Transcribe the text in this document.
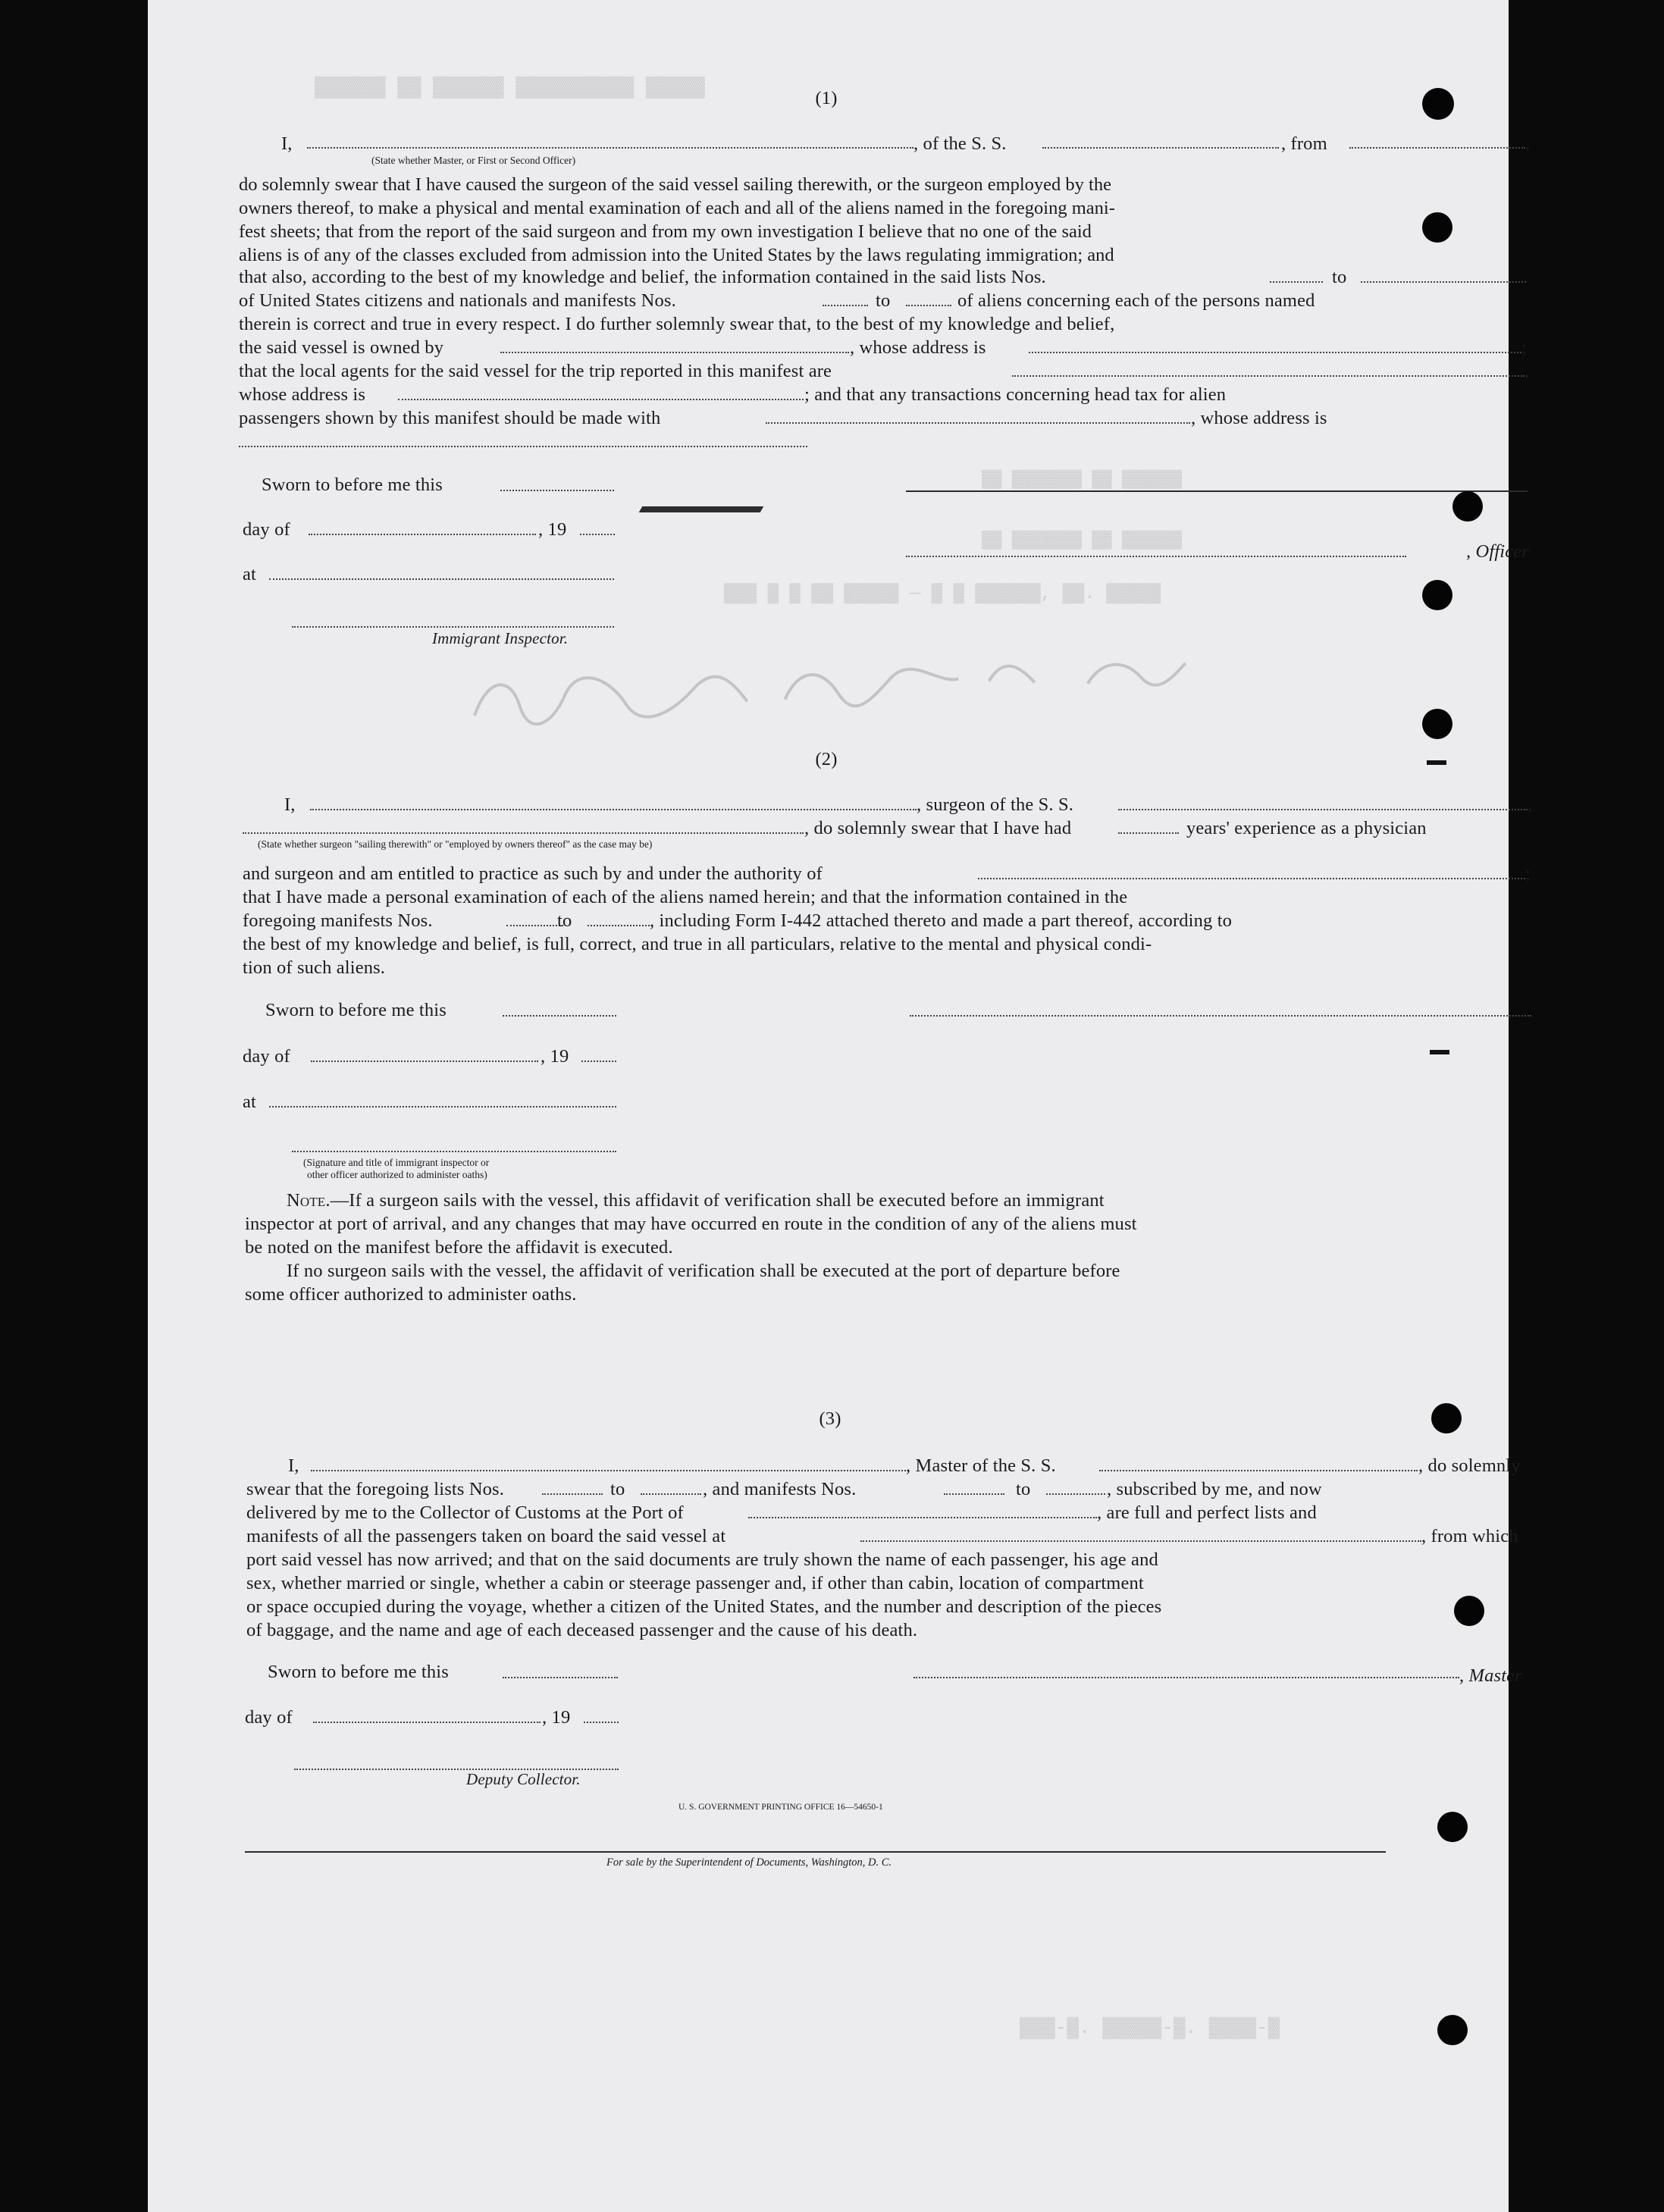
▓▓▓▓▓▓ ▓▓ ▓▓▓▓▓▓ ▓▓▓▓▓▓▓▓▓▓ ▓▓▓▓▓
▓▓▓ ▓ ▓ ▓▓ ▓▓▓▓▓ — ▓ ▓ ▓▓▓▓▓▓, ▓▓. ▓▓▓▓▓
▓▓ ▓▓▓▓▓▓▓ ▓▓ ▓▓▓▓▓▓
▓▓ ▓▓▓▓▓▓▓ ▓▓ ▓▓▓▓▓▓
▓▓▓-▓. ▓▓▓▓▓-▓. ▓▓▓▓-▓
(1)
I,	, of the S. S.	, from	,
(State whether Master, or First or Second Officer)
do solemnly swear that I have caused the surgeon of the said vessel sailing therewith, or the surgeon employed by the
owners thereof, to make a physical and mental examination of each and all of the aliens named in the foregoing mani-
fest sheets; that from the report of the said surgeon and from my own investigation I believe that no one of the said
aliens is of any of the classes excluded from admission into the United States by the laws regulating immigration; and
that also, according to the best of my knowledge and belief, the information contained in the said lists Nos.	to
of United States citizens and nationals and manifests Nos.	to	of aliens concerning each of the persons named
therein is correct and true in every respect. I do further solemnly swear that, to the best of my knowledge and belief,
the said vessel is owned by	, whose address is	;
that the local agents for the said vessel for the trip reported in this manifest are	,
whose address is	; and that any transactions concerning head tax for alien
passengers shown by this manifest should be made with	, whose address is
Sworn to before me this
day of	, 19
, Officer
at
Immigrant Inspector.
(2)
I,	, surgeon of the S. S.	,
, do solemnly swear that I have had	years' experience as a physician
(State whether surgeon "sailing therewith" or "employed by owners thereof" as the case may be)
and surgeon and am entitled to practice as such by and under the authority of	;
that I have made a personal examination of each of the aliens named herein; and that the information contained in the
foregoing manifests Nos.	to	, including Form I-442 attached thereto and made a part thereof, according to
the best of my knowledge and belief, is full, correct, and true in all particulars, relative to the mental and physical condi-
tion of such aliens.
Sworn to before me this
day of	, 19
at
(Signature and title of immigrant inspector or
other officer authorized to administer oaths)
Note.—If a surgeon sails with the vessel, this affidavit of verification shall be executed before an immigrant
inspector at port of arrival, and any changes that may have occurred en route in the condition of any of the aliens must
be noted on the manifest before the affidavit is executed.
If no surgeon sails with the vessel, the affidavit of verification shall be executed at the port of departure before
some officer authorized to administer oaths.
(3)
I,	, Master of the S. S.	, do solemnly
swear that the foregoing lists Nos.	to	, and manifests Nos.	to	, subscribed by me, and now
delivered by me to the Collector of Customs at the Port of	, are full and perfect lists and
manifests of all the passengers taken on board the said vessel at	, from which
port said vessel has now arrived; and that on the said documents are truly shown the name of each passenger, his age and
sex, whether married or single, whether a cabin or steerage passenger and, if other than cabin, location of compartment
or space occupied during the voyage, whether a citizen of the United States, and the number and description of the pieces
of baggage, and the name and age of each deceased passenger and the cause of his death.
Sworn to before me this	, Master
day of	, 19
Deputy Collector.
U. S. GOVERNMENT PRINTING OFFICE 16—54650-1
For sale by the Superintendent of Documents, Washington, D. C.
